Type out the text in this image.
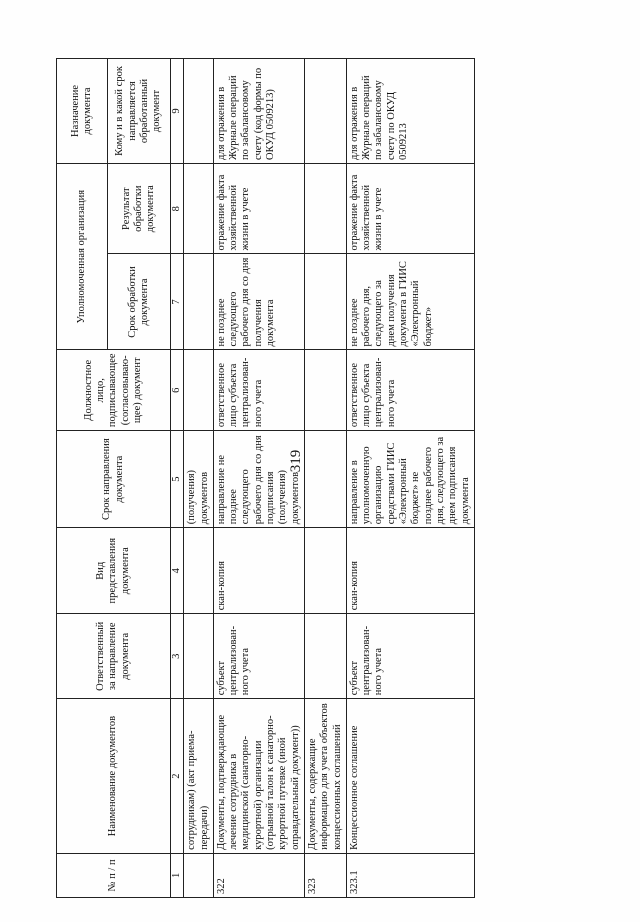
319
№ п / п	Наименование документов	Ответственный за направление документа	Вид представления документа	Срок направления документа	Должностное лицо, подписывающее (согласовываю-щее) документ	Уполномоченная организация		Назначение документа
						Срок обработки документа	Результат обработки документа	Кому и в какой срок направляется обработанный документ
1	2	3	4	5	6	7	8	9
	сотрудникам) (акт приема-передачи)			(получения) документов				
322	Документы, подтверждающие лечение сотрудника в медицинской (санаторно-курортной) организации (отрывной талон к санаторно-курортной путевке (иной оправдательный документ))	субъект централизован-ного учета	скан-копия	направление не позднее следующего рабочего дня со дня подписания (получения) документов	ответственное лицо субъекта централизован-ного учета	не позднее следующего рабочего дня со дня получения документа	отражение факта хозяйственной жизни в учете	для отражения в Журнале операций по забалансовому счету (код формы по ОКУД 0509213)
323	Документы, содержащие информацию для учета объектов концессионных соглашений							
323.1	Концессионное соглашение	субъект централизован-ного учета	скан-копия	направление в уполномоченную организацию средствами ГИИС «Электронный бюджет» не позднее рабочего дня, следующего за днем подписания документа	ответственное лицо субъекта централизован-ного учета	не позднее рабочего дня, следующего за днем получения документа в ГИИС «Электронный бюджет»	отражение факта хозяйственной жизни в учете	для отражения в Журнале операций по забалансовому счету по ОКУД 0509213
